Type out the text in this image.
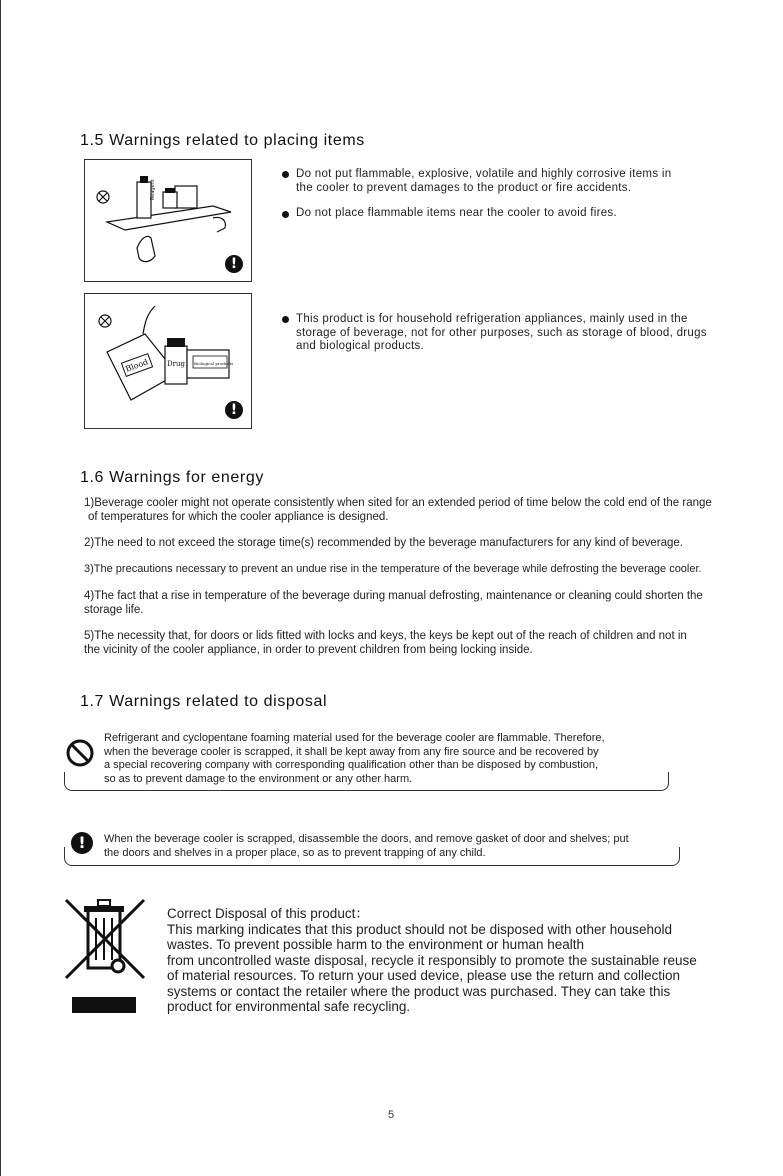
1.5 Warnings related to placing items
Reagent
!
Do not put flammable, explosive, volatile and highly corrosive items in
the cooler to prevent damages to the product or fire accidents.
Do not place flammable items near the cooler to avoid fires.
Blood	Drug Biological products
!
This product is for household refrigeration appliances, mainly used in the
storage of beverage, not for other purposes, such as storage of blood, drugs
and biological products.
1.6 Warnings for energy
1)Beverage cooler might not operate consistently when sited for an extended period of time below the cold end of the range
of temperatures for which the cooler appliance is designed.
2)The need to not exceed the storage time(s) recommended by the beverage manufacturers for any kind of beverage.
3)The precautions necessary to prevent an undue rise in the temperature of the beverage while defrosting the beverage cooler.
4)The fact that a rise in temperature of the beverage during manual defrosting, maintenance or cleaning could shorten the
storage life.
5)The necessity that, for doors or lids fitted with locks and keys, the keys be kept out of the reach of children and not in
the vicinity of the cooler appliance, in order to prevent children from being locking inside.
1.7 Warnings related to disposal
Refrigerant and cyclopentane foaming material used for the beverage cooler are flammable. Therefore,
when the beverage cooler is scrapped, it shall be kept away from any fire source and be recovered by
a special recovering company with corresponding qualification other than be disposed by combustion,
so as to prevent damage to the environment or any other harm.
!	When the beverage cooler is scrapped, disassemble the doors, and remove gasket of door and shelves; put
the doors and shelves in a proper place, so as to prevent trapping of any child.
Correct Disposal of this product：
This marking indicates that this product should not be disposed with other household
wastes. To prevent possible harm to the environment or human health
from uncontrolled waste disposal, recycle it responsibly to promote the sustainable reuse
of material resources. To return your used device, please use the return and collection
systems or contact the retailer where the product was purchased. They can take this
product for environmental safe recycling.
5
